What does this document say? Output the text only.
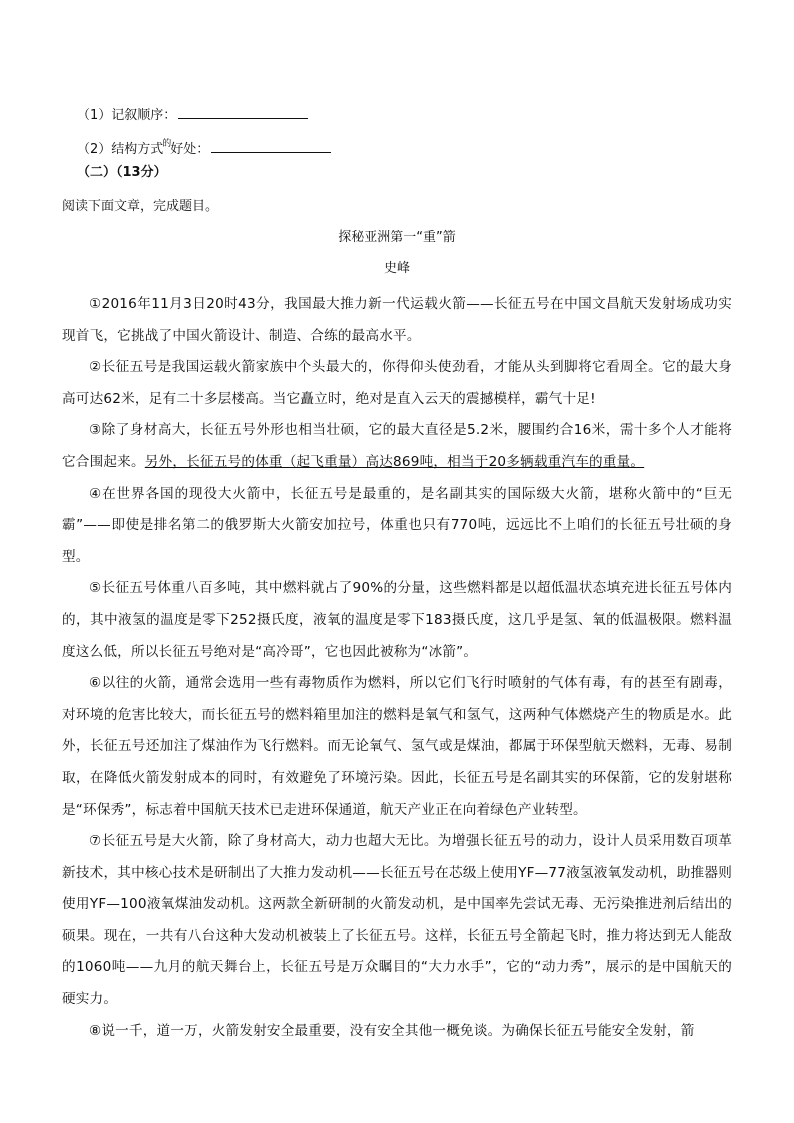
（1）记叙顺序：
（2）结构方式$^的$好处：
（二）（13分）
阅读下面文章，完成题目。
探秘亚洲第一“重”箭
史峰

①2016年11月3日20时43分，我国最大推力新一代运载火箭——长征五号在中国文昌航天发射场成功实现首飞，它挑战了中国火箭设计、制造、合练的最高水平。

②长征五号是我国运载火箭家族中个头最大的，你得仰头使劲看，才能从头到脚将它看周全。它的最大身高可达62米，足有二十多层楼高。当它矗立时，绝对是直入云天的震撼模样，霸气十足!

③除了身材高大，长征五号外形也相当壮硕，它的最大直径是5.2米，腰围约合16米，需十多个人才能将它合围起来。另外，长征五号的体重（起飞重量）高达869吨，相当于20多辆载重汽车的重量。

④在世界各国的现役大火箭中，长征五号是最重的，是名副其实的国际级大火箭，堪称火箭中的“巨无霸”——即使是排名第二的俄罗斯大火箭安加拉号，体重也只有770吨，远远比不上咱们的长征五号壮硕的身型。

⑤长征五号体重八百多吨，其中燃料就占了90%的分量，这些燃料都是以超低温状态填充进长征五号体内的，其中液氢的温度是零下252摄氏度，液氧的温度是零下183摄氏度，这几乎是氢、氧的低温极限。燃料温度这么低，所以长征五号绝对是“高冷哥”，它也因此被称为“冰箭”。

⑥以往的火箭，通常会选用一些有毒物质作为燃料，所以它们飞行时喷射的气体有毒，有的甚至有剧毒，对环境的危害比较大，而长征五号的燃料箱里加注的燃料是氧气和氢气，这两种气体燃烧产生的物质是水。此外，长征五号还加注了煤油作为飞行燃料。而无论氧气、氢气或是煤油，都属于环保型航天燃料，无毒、易制取，在降低火箭发射成本的同时，有效避免了环境污染。因此，长征五号是名副其实的环保箭，它的发射堪称是“环保秀”，标志着中国航天技术已走进环保通道，航天产业正在向着绿色产业转型。

⑦长征五号是大火箭，除了身材高大，动力也超大无比。为增强长征五号的动力，设计人员采用数百项革新技术，其中核心技术是研制出了大推力发动机——长征五号在芯级上使用YF—77液氢液氧发动机，助推器则使用YF—100液氧煤油发动机。这两款全新研制的火箭发动机，是中国率先尝试无毒、无污染推进剂后结出的硕果。现在，一共有八台这种大发动机被装上了长征五号。这样，长征五号全箭起飞时，推力将达到无人能敌的1060吨——九月的航天舞台上，长征五号是万众瞩目的“大力水手”，它的“动力秀”，展示的是中国航天的硬实力。

⑧说一千，道一万，火箭发射安全最重要，没有安全其他一概免谈。为确保长征五号能安全发射，箭
